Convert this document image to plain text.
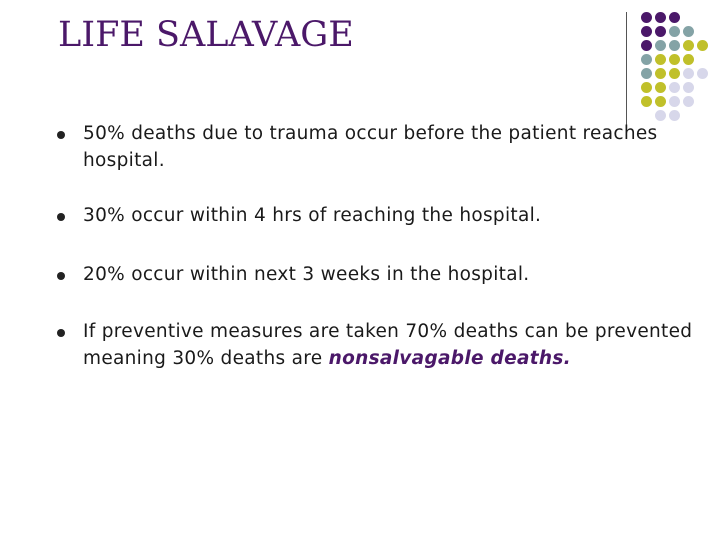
LIFE SALAVAGE
50% deaths due to trauma occur before the patient reaches hospital.
30% occur within 4 hrs of reaching the hospital.
20% occur within next 3 weeks in the hospital.
If preventive measures are taken 70% deaths can be prevented meaning 30% deaths are nonsalvagable deaths.
